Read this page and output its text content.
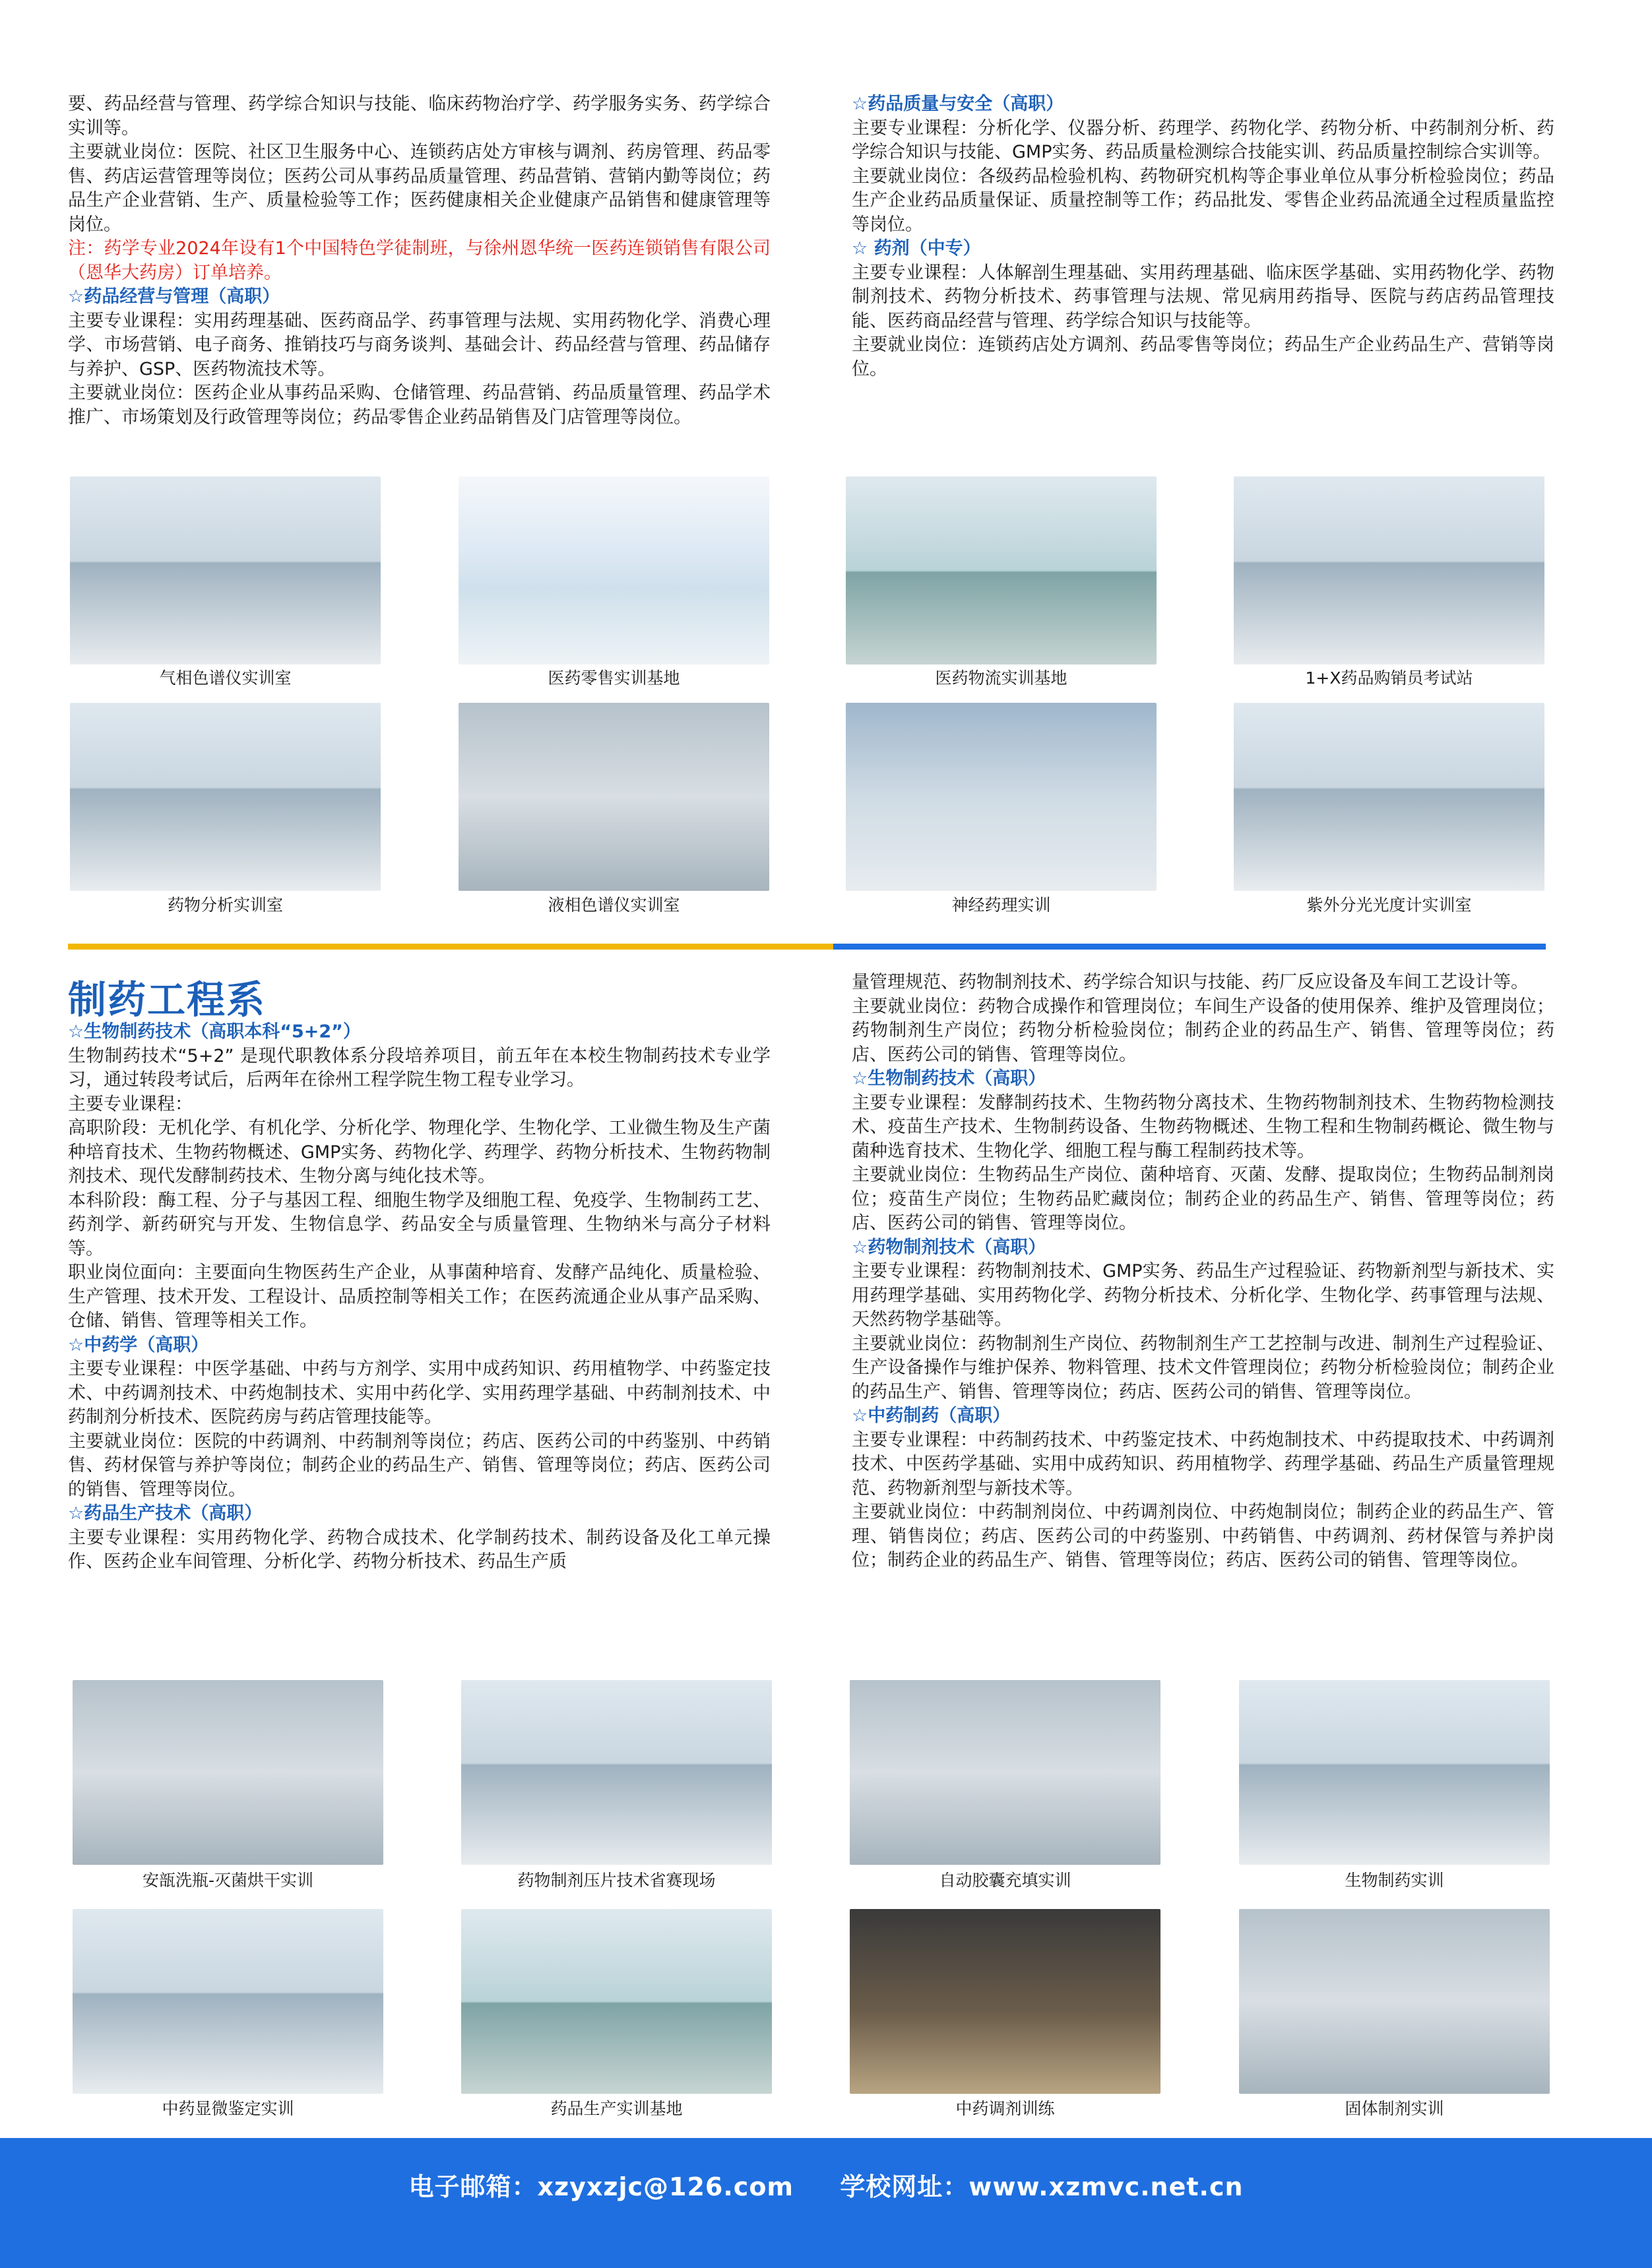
要、药品经营与管理、药学综合知识与技能、临床药物治疗学、药学服务实务、药学综合实训等。

主要就业岗位：医院、社区卫生服务中心、连锁药店处方审核与调剂、药房管理、药品零售、药店运营管理等岗位；医药公司从事药品质量管理、药品营销、营销内勤等岗位；药品生产企业营销、生产、质量检验等工作；医药健康相关企业健康产品销售和健康管理等岗位。

注：药学专业2024年设有1个中国特色学徒制班，与徐州恩华统一医药连锁销售有限公司（恩华大药房）订单培养。

☆药品经营与管理（高职）

主要专业课程：实用药理基础、医药商品学、药事管理与法规、实用药物化学、消费心理学、市场营销、电子商务、推销技巧与商务谈判、基础会计、药品经营与管理、药品储存与养护、GSP、医药物流技术等。

主要就业岗位：医药企业从事药品采购、仓储管理、药品营销、药品质量管理、药品学术推广、市场策划及行政管理等岗位；药品零售企业药品销售及门店管理等岗位。

☆药品质量与安全（高职）

主要专业课程：分析化学、仪器分析、药理学、药物化学、药物分析、中药制剂分析、药学综合知识与技能、GMP实务、药品质量检测综合技能实训、药品质量控制综合实训等。

主要就业岗位：各级药品检验机构、药物研究机构等企事业单位从事分析检验岗位；药品生产企业药品质量保证、质量控制等工作；药品批发、零售企业药品流通全过程质量监控等岗位。

☆ 药剂（中专）

主要专业课程：人体解剖生理基础、实用药理基础、临床医学基础、实用药物化学、药物制剂技术、药物分析技术、药事管理与法规、常见病用药指导、医院与药店药品管理技能、医药商品经营与管理、药学综合知识与技能等。

主要就业岗位：连锁药店处方调剂、药品零售等岗位；药品生产企业药品生产、营销等岗位。

气相色谱仪实训室	医药零售实训基地	医药物流实训基地	1+X药品购销员考试站
药物分析实训室	液相色谱仪实训室	神经药理实训	紫外分光光度计实训室
制药工程系

☆生物制药技术（高职本科“5+2”）

生物制药技术“5+2” 是现代职教体系分段培养项目，前五年在本校生物制药技术专业学习，通过转段考试后，后两年在徐州工程学院生物工程专业学习。

主要专业课程：

高职阶段：无机化学、有机化学、分析化学、物理化学、生物化学、工业微生物及生产菌种培育技术、生物药物概述、GMP实务、药物化学、药理学、药物分析技术、生物药物制剂技术、现代发酵制药技术、生物分离与纯化技术等。

本科阶段：酶工程、分子与基因工程、细胞生物学及细胞工程、免疫学、生物制药工艺、药剂学、新药研究与开发、生物信息学、药品安全与质量管理、生物纳米与高分子材料等。

职业岗位面向：主要面向生物医药生产企业，从事菌种培育、发酵产品纯化、质量检验、生产管理、技术开发、工程设计、品质控制等相关工作；在医药流通企业从事产品采购、仓储、销售、管理等相关工作。

☆中药学（高职）

主要专业课程：中医学基础、中药与方剂学、实用中成药知识、药用植物学、中药鉴定技术、中药调剂技术、中药炮制技术、实用中药化学、实用药理学基础、中药制剂技术、中药制剂分析技术、医院药房与药店管理技能等。

主要就业岗位：医院的中药调剂、中药制剂等岗位；药店、医药公司的中药鉴别、中药销售、药材保管与养护等岗位；制药企业的药品生产、销售、管理等岗位；药店、医药公司的销售、管理等岗位。

☆药品生产技术（高职）

主要专业课程：实用药物化学、药物合成技术、化学制药技术、制药设备及化工单元操作、医药企业车间管理、分析化学、药物分析技术、药品生产质

量管理规范、药物制剂技术、药学综合知识与技能、药厂反应设备及车间工艺设计等。

主要就业岗位：药物合成操作和管理岗位；车间生产设备的使用保养、维护及管理岗位；药物制剂生产岗位；药物分析检验岗位；制药企业的药品生产、销售、管理等岗位；药店、医药公司的销售、管理等岗位。

☆生物制药技术（高职）

主要专业课程：发酵制药技术、生物药物分离技术、生物药物制剂技术、生物药物检测技术、疫苗生产技术、生物制药设备、生物药物概述、生物工程和生物制药概论、微生物与菌种选育技术、生物化学、细胞工程与酶工程制药技术等。

主要就业岗位：生物药品生产岗位、菌种培育、灭菌、发酵、提取岗位；生物药品制剂岗位；疫苗生产岗位；生物药品贮藏岗位；制药企业的药品生产、销售、管理等岗位；药店、医药公司的销售、管理等岗位。

☆药物制剂技术（高职）

主要专业课程：药物制剂技术、GMP实务、药品生产过程验证、药物新剂型与新技术、实用药理学基础、实用药物化学、药物分析技术、分析化学、生物化学、药事管理与法规、天然药物学基础等。

主要就业岗位：药物制剂生产岗位、药物制剂生产工艺控制与改进、制剂生产过程验证、生产设备操作与维护保养、物料管理、技术文件管理岗位；药物分析检验岗位；制药企业的药品生产、销售、管理等岗位；药店、医药公司的销售、管理等岗位。

☆中药制药（高职）

主要专业课程：中药制药技术、中药鉴定技术、中药炮制技术、中药提取技术、中药调剂技术、中医药学基础、实用中成药知识、药用植物学、药理学基础、药品生产质量管理规范、药物新剂型与新技术等。

主要就业岗位：中药制剂岗位、中药调剂岗位、中药炮制岗位；制药企业的药品生产、管理、销售岗位；药店、医药公司的中药鉴别、中药销售、中药调剂、药材保管与养护岗位；制药企业的药品生产、销售、管理等岗位；药店、医药公司的销售、管理等岗位。

安瓿洗瓶-灭菌烘干实训	药物制剂压片技术省赛现场	自动胶囊充填实训	生物制药实训
中药显微鉴定实训	药品生产实训基地	中药调剂训练	固体制剂实训
电子邮箱：xzyxzjc@126.com 学校网址：www.xzmvc.net.cn
